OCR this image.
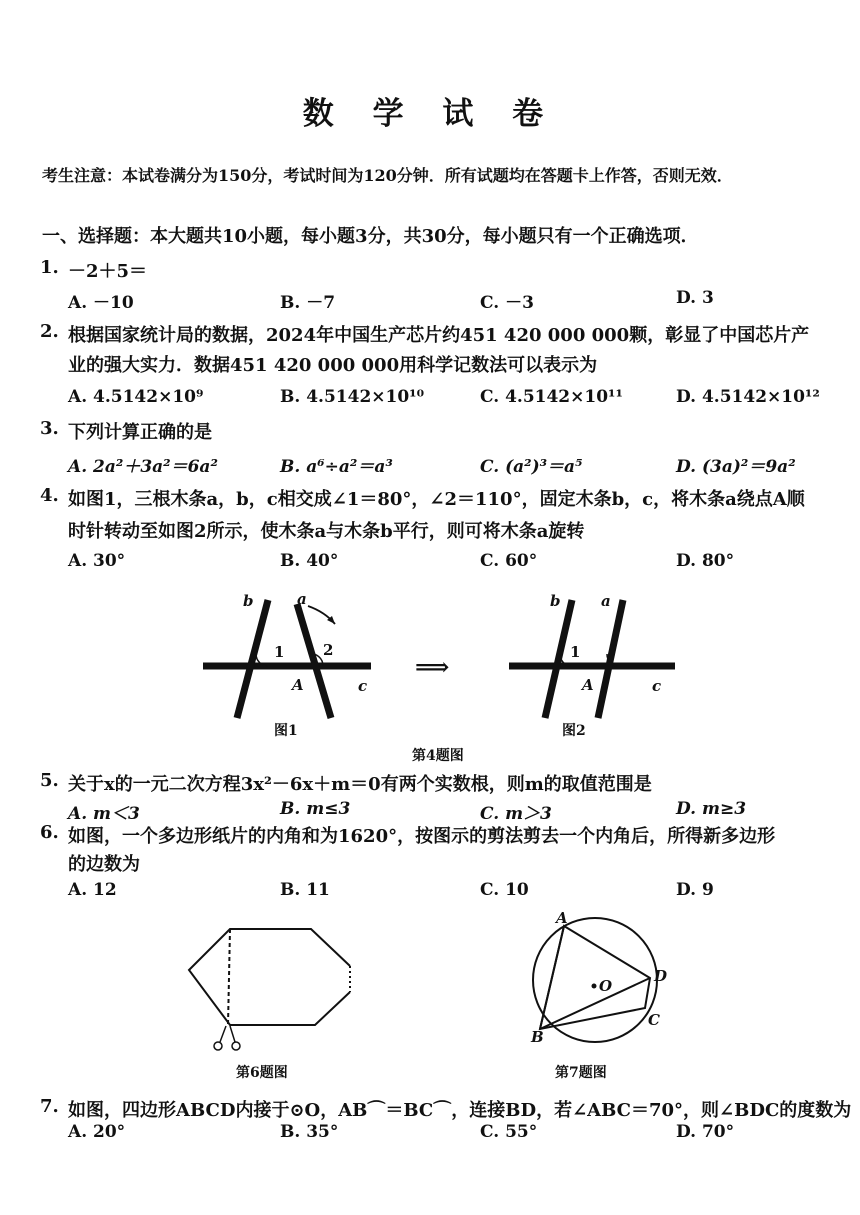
数 学 试 卷
考生注意：本试卷满分为150分，考试时间为120分钟．所有试题均在答题卡上作答，否则无效．
一、选择题：本大题共10小题，每小题3分，共30分，每小题只有一个正确选项．
1. －2＋5＝
A. －10	B. －7	C. －3	D. 3
2. 根据国家统计局的数据，2024年中国生产芯片约451 420 000 000颗，彰显了中国芯片产
业的强大实力．数据451 420 000 000用科学记数法可以表示为
A. 4.5142×10⁹	B. 4.5142×10¹⁰	C. 4.5142×10¹¹	D. 4.5142×10¹²
3. 下列计算正确的是
A. 2a²＋3a²＝6a²	B. a⁶÷a²＝a³	C. (a²)³＝a⁵	D. (3a)²＝9a²
4. 如图1，三根木条a，b，c相交成∠1＝80°，∠2＝110°，固定木条b，c，将木条a绕点A顺
时针转动至如图2所示，使木条a与木条b平行，则可将木条a旋转
A. 30°	B. 40°	C. 60°	D. 80°
b	a
1	2
A	c
图1
⟹
b	a
1
A	c
图2
第4题图
5. 关于x的一元二次方程3x²－6x＋m＝0有两个实数根，则m的取值范围是
A. m＜3	B. m≤3	C. m＞3	D. m≥3
6. 如图，一个多边形纸片的内角和为1620°，按图示的剪法剪去一个内角后，所得新多边形
的边数为
A. 12	B. 11	C. 10	D. 9
第6题图
A
D
C
B
O
第7题图
7. 如图，四边形ABCD内接于⊙O，AB⌒＝BC⌒，连接BD，若∠ABC＝70°，则∠BDC的度数为
A. 20°	B. 35°	C. 55°	D. 70°
